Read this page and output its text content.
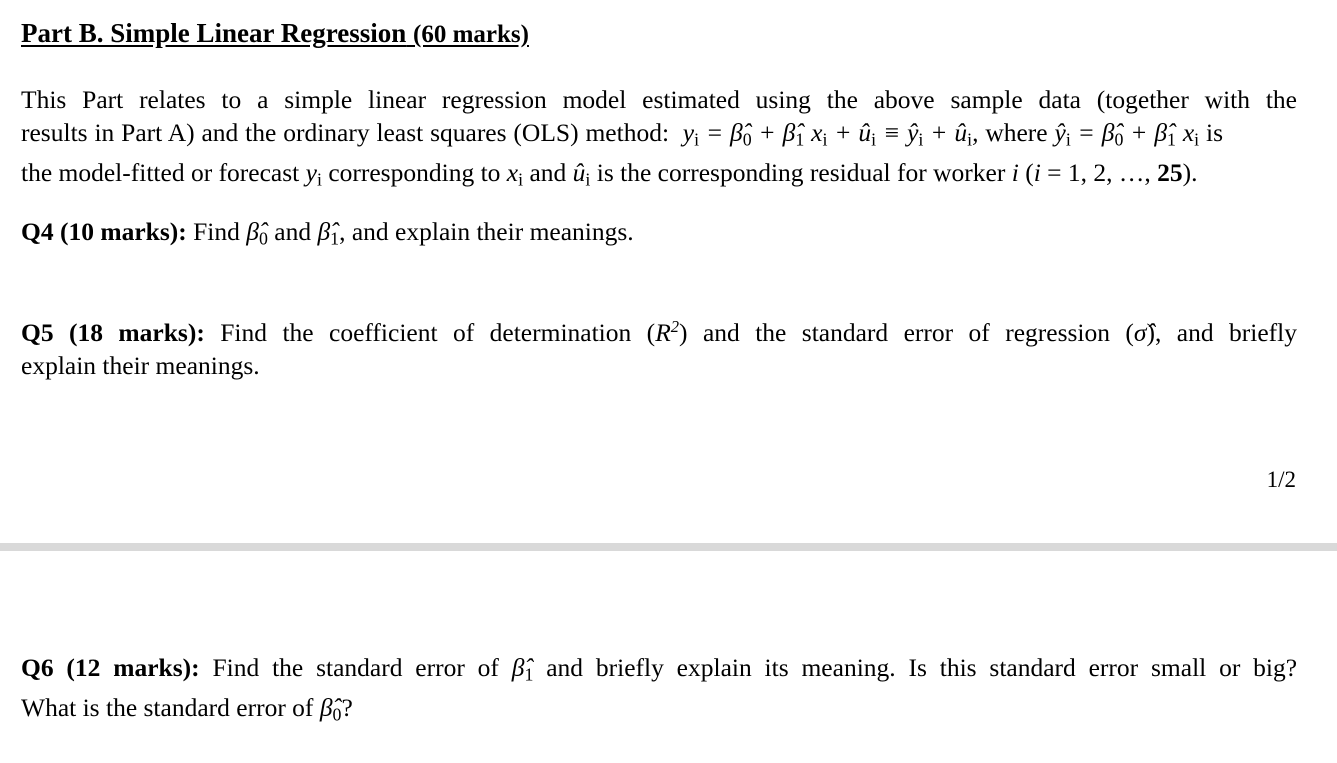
Part B. Simple Linear Regression (60 marks)
This Part relates to a simple linear regression model estimated using the above sample data (together with the
results in Part A) and the ordinary least squares (OLS) method:  $y_i$ = $\betâ_0$ + $\betâ_1$ $x_i$ + $û_i$ ≡ $ŷ_i$ + $û_i$, where $ŷ_i$ = $\betâ_0$ + $\betâ_1$ $x_i$ is
the model-fitted or forecast $y_i$ corresponding to $x_i$ and $û_i$ is the corresponding residual for worker i (i = 1, 2, …, 25).
Q4 (10 marks): Find $\betâ_0$ and $\betâ_1$, and explain their meanings.
Q5 (18 marks): Find the coefficient of determination $(R^2)$ and the standard error of regression (σ̂), and briefly
explain their meanings.
1/2
Q6 (12 marks): Find the standard error of $\betâ_1$ and briefly explain its meaning. Is this standard error small or big?
What is the standard error of $\betâ_0$?
